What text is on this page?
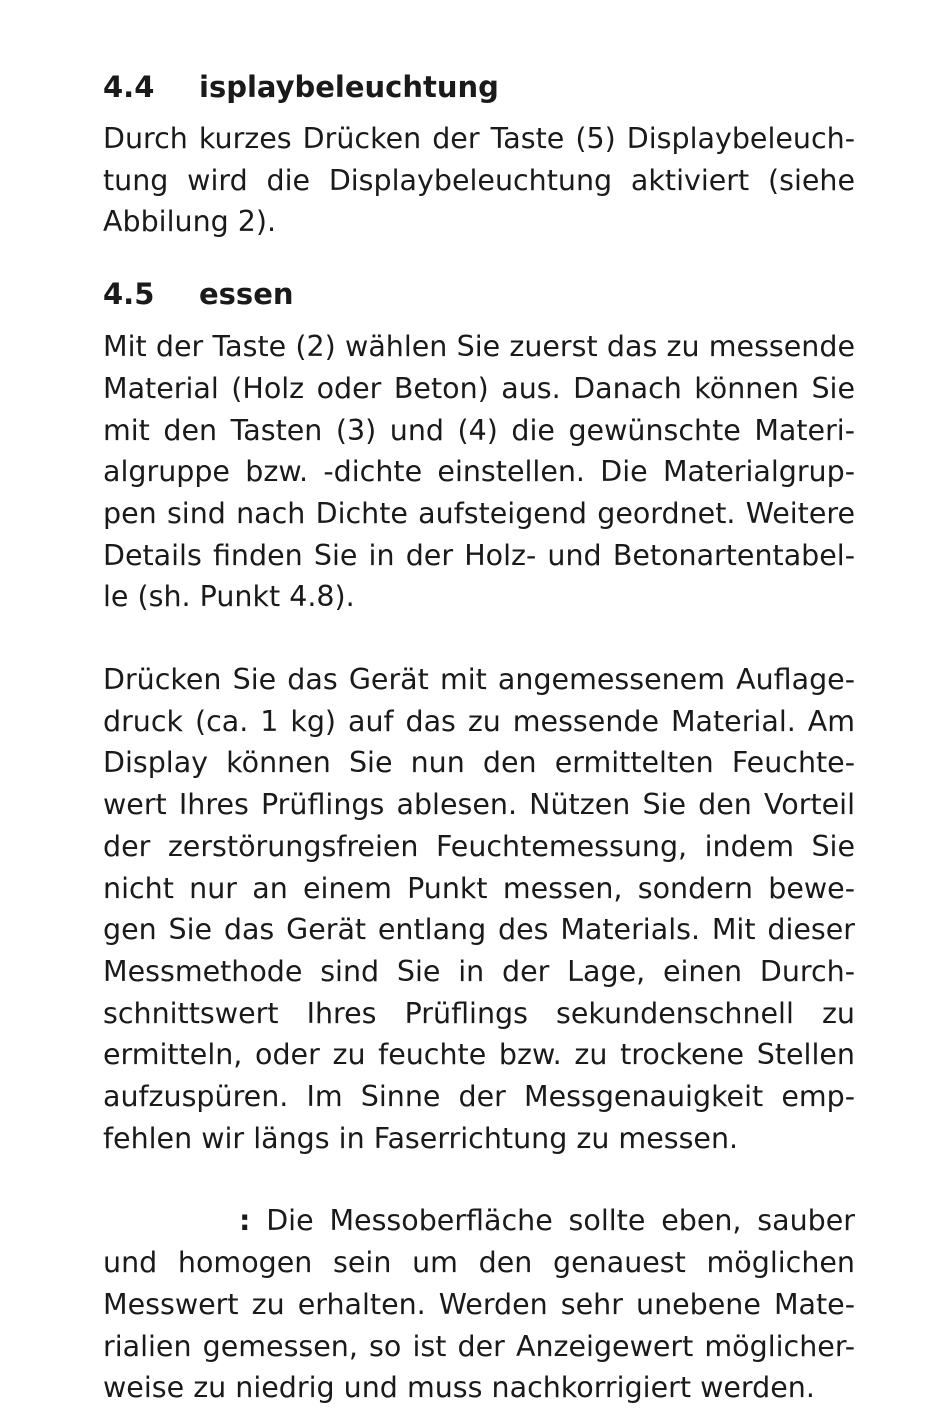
4.4	isplaybeleuchtung

Durch kurzes Drücken der Taste (5) Displaybeleuch-
tung wird die Displaybeleuchtung aktiviert (siehe
Abbilung 2).

4.5	essen

Mit der Taste (2) wählen Sie zuerst das zu messende
Material (Holz oder Beton) aus. Danach können Sie
mit den Tasten (3) und (4) die gewünschte Materi-
algruppe bzw. -dichte einstellen. Die Materialgrup-
pen sind nach Dichte aufsteigend geordnet. Weitere
Details finden Sie in der Holz- und Betonartentabel-
le (sh. Punkt 4.8).

Drücken Sie das Gerät mit angemessenem Auflage-
druck (ca. 1 kg) auf das zu messende Material. Am
Display können Sie nun den ermittelten Feuchte-
wert Ihres Prüflings ablesen. Nützen Sie den Vorteil
der zerstörungsfreien Feuchtemessung, indem Sie
nicht nur an einem Punkt messen, sondern bewe-
gen Sie das Gerät entlang des Materials. Mit dieser
Messmethode sind Sie in der Lage, einen Durch-
schnittswert Ihres Prüflings sekundenschnell zu
ermitteln, oder zu feuchte bzw. zu trockene Stellen
aufzuspüren. Im Sinne der Messgenauigkeit emp-
fehlen wir längs in Faserrichtung zu messen.

: Die Messoberfläche sollte eben, sauber
und homogen sein um den genauest möglichen
Messwert zu erhalten. Werden sehr unebene Mate-
rialien gemessen, so ist der Anzeigewert möglicher-
weise zu niedrig und muss nachkorrigiert werden.
